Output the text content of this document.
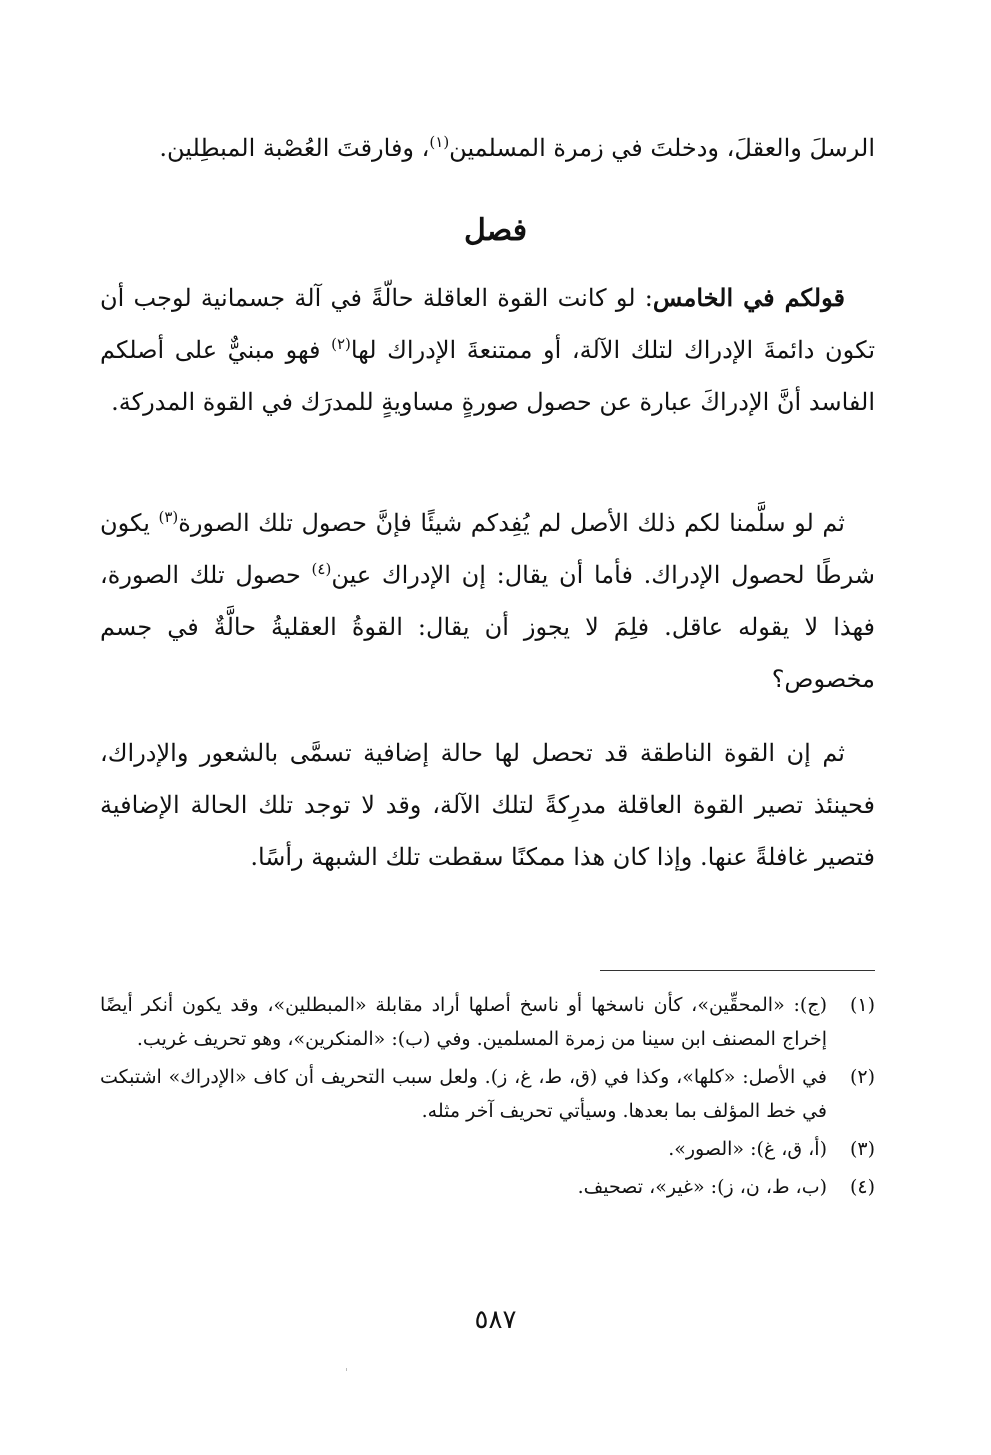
الرسلَ والعقلَ، ودخلتَ في زمرة المسلمين$^{(١)}$، وفارقتَ العُصْبة المبطِلين.
فصل
قولكم في الخامس: لو كانت القوة العاقلة حالّةً في آلة جسمانية لوجب أن تكون دائمةَ الإدراك لتلك الآلة، أو ممتنعةَ الإدراك لها$^{(٢)}$ فهو مبنيٌّ على أصلكم الفاسد أنَّ الإدراكَ عبارة عن حصول صورةٍ مساويةٍ للمدرَك في القوة المدركة.
ثم لو سلَّمنا لكم ذلك الأصل لم يُفِدكم شيئًا فإنَّ حصول تلك الصورة$^{(٣)}$ يكون شرطًا لحصول الإدراك. فأما أن يقال: إن الإدراك عين$^{(٤)}$ حصول تلك الصورة، فهذا لا يقوله عاقل. فلِمَ لا يجوز أن يقال: القوةُ العقليةُ حالَّةٌ في جسم مخصوص؟
ثم إن القوة الناطقة قد تحصل لها حالة إضافية تسمَّى بالشعور والإدراك، فحينئذ تصير القوة العاقلة مدرِكةً لتلك الآلة، وقد لا توجد تلك الحالة الإضافية فتصير غافلةً عنها. وإذا كان هذا ممكنًا سقطت تلك الشبهة رأسًا.
(١)
(ج): «المحقِّين»، كأن ناسخها أو ناسخ أصلها أراد مقابلة «المبطلين»، وقد يكون أنكر أيضًا إخراج المصنف ابن سينا من زمرة المسلمين. وفي (ب): «المنكرين»، وهو تحريف غريب.
(٢)
في الأصل: «كلها»، وكذا في (ق، ط، غ، ز). ولعل سبب التحريف أن كاف «الإدراك» اشتبكت في خط المؤلف بما بعدها. وسيأتي تحريف آخر مثله.
(٣)
(أ، ق، غ): «الصور».
(٤)
(ب، ط، ن، ز): «غير»، تصحيف.
٥٨٧
